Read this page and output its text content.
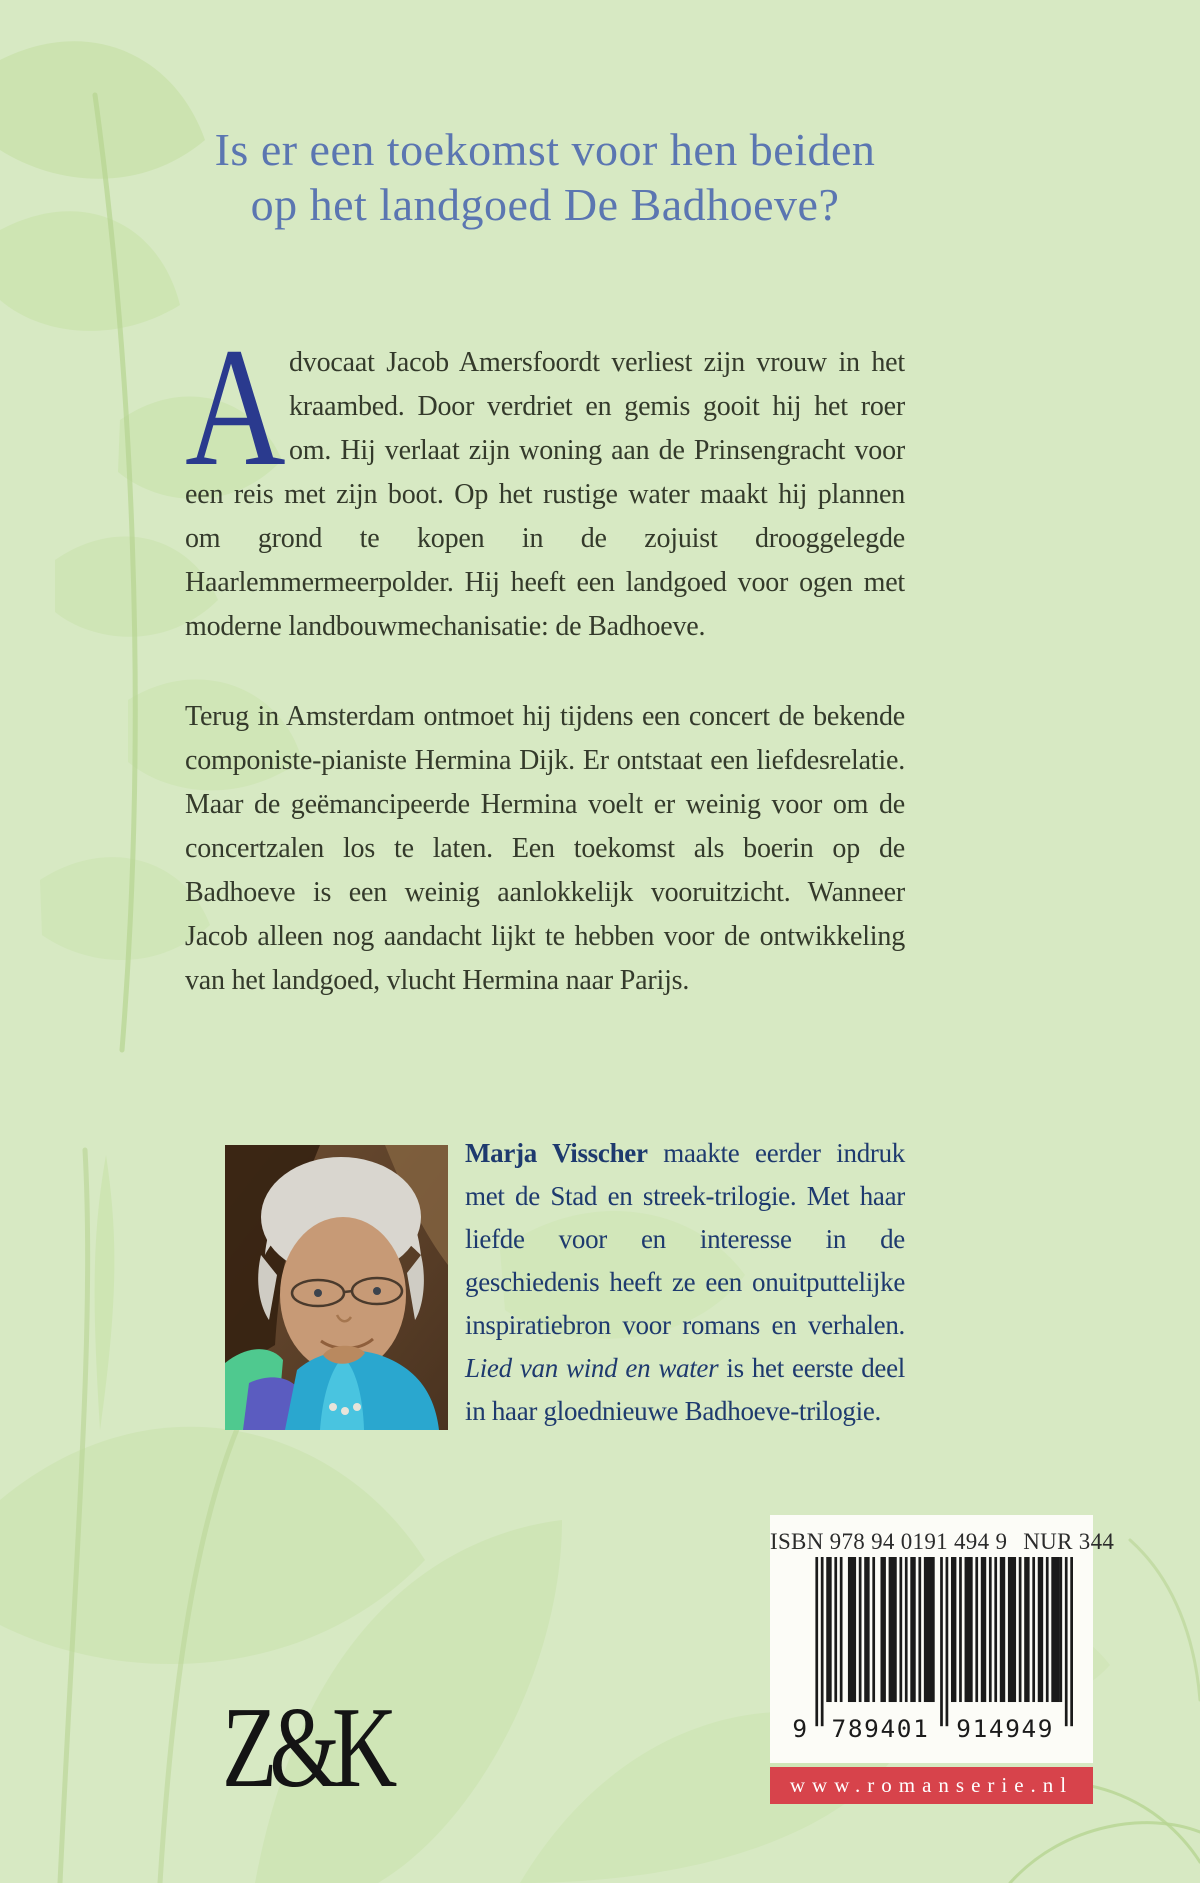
Is er een toekomst voor hen beiden
op het landgoed De Badhoeve?

Advocaat Jacob Amersfoordt verliest zijn vrouw in het kraambed. Door verdriet en gemis gooit hij het roer om. Hij verlaat zijn woning aan de Prinsengracht voor een reis met zijn boot. Op het rustige water maakt hij plannen om grond te kopen in de zojuist drooggelegde Haarlemmermeerpolder. Hij heeft een landgoed voor ogen met moderne landbouwmechanisatie: de Badhoeve.

Terug in Amsterdam ontmoet hij tijdens een concert de bekende componiste-pianiste Hermina Dijk. Er ontstaat een liefdesrelatie. Maar de geëmancipeerde Hermina voelt er weinig voor om de concertzalen los te laten. Een toekomst als boerin op de Badhoeve is een weinig aanlokkelijk vooruitzicht. Wanneer Jacob alleen nog aandacht lijkt te hebben voor de ontwikkeling van het landgoed, vlucht Hermina naar Parijs.

Marja Visscher maakte eerder indruk met de Stad en streek-trilogie. Met haar liefde voor en interesse in de geschiedenis heeft ze een onuitputtelijke inspiratiebron voor romans en verhalen. Lied van wind en water is het eerste deel in haar gloednieuwe Badhoeve-trilogie.

ISBN 978 94 0191 494 9 NUR 344
9	789401	914949
www.romanserie.nl
Z&K
